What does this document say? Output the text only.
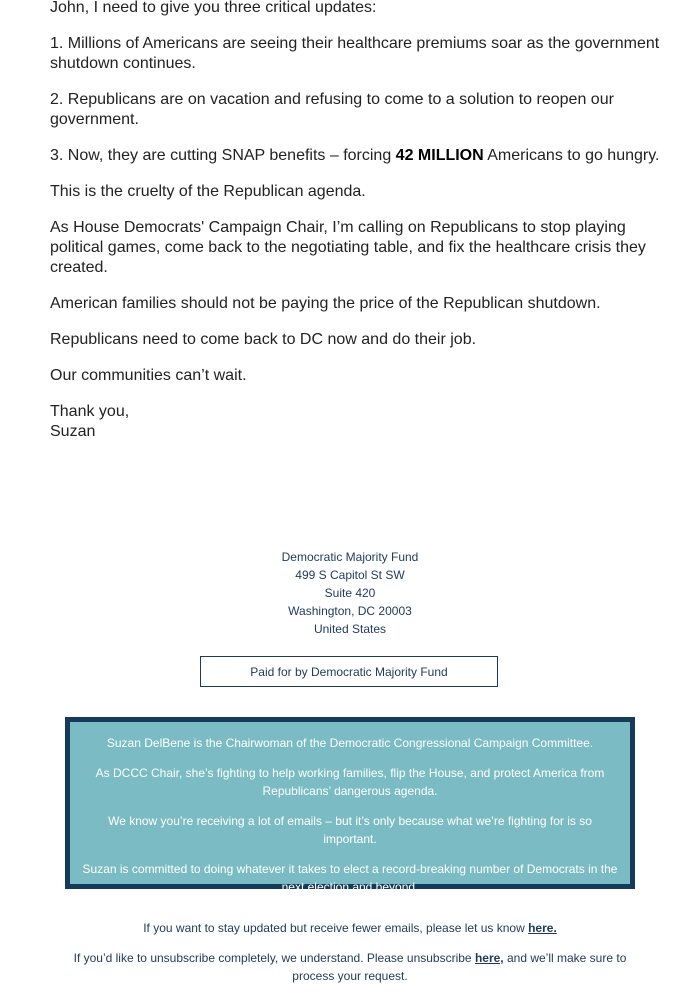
John, I need to give you three critical updates:

1. Millions of Americans are seeing their healthcare premiums soar as the government shutdown continues.

2. Republicans are on vacation and refusing to come to a solution to reopen our government.

3. Now, they are cutting SNAP benefits – forcing 42 MILLION Americans to go hungry.

This is the cruelty of the Republican agenda.

As House Democrats' Campaign Chair, I’m calling on Republicans to stop playing political games, come back to the negotiating table, and fix the healthcare crisis they created.

American families should not be paying the price of the Republican shutdown.

Republicans need to come back to DC now and do their job.

Our communities can’t wait.

Thank you,
Suzan

Democratic Majority Fund
499 S Capitol St SW
Suite 420
Washington, DC 20003
United States
Paid for by Democratic Majority Fund

Suzan DelBene is the Chairwoman of the Democratic Congressional Campaign Committee.

As DCCC Chair, she’s fighting to help working families, flip the House, and protect America from Republicans’ dangerous agenda.

We know you’re receiving a lot of emails – but it’s only because what we’re fighting for is so important.

Suzan is committed to doing whatever it takes to elect a record-breaking number of Democrats in the next election and beyond.

If you want to stay updated but receive fewer emails, please let us know here.
If you’d like to unsubscribe completely, we understand. Please unsubscribe here, and we’ll make sure to process your request.
